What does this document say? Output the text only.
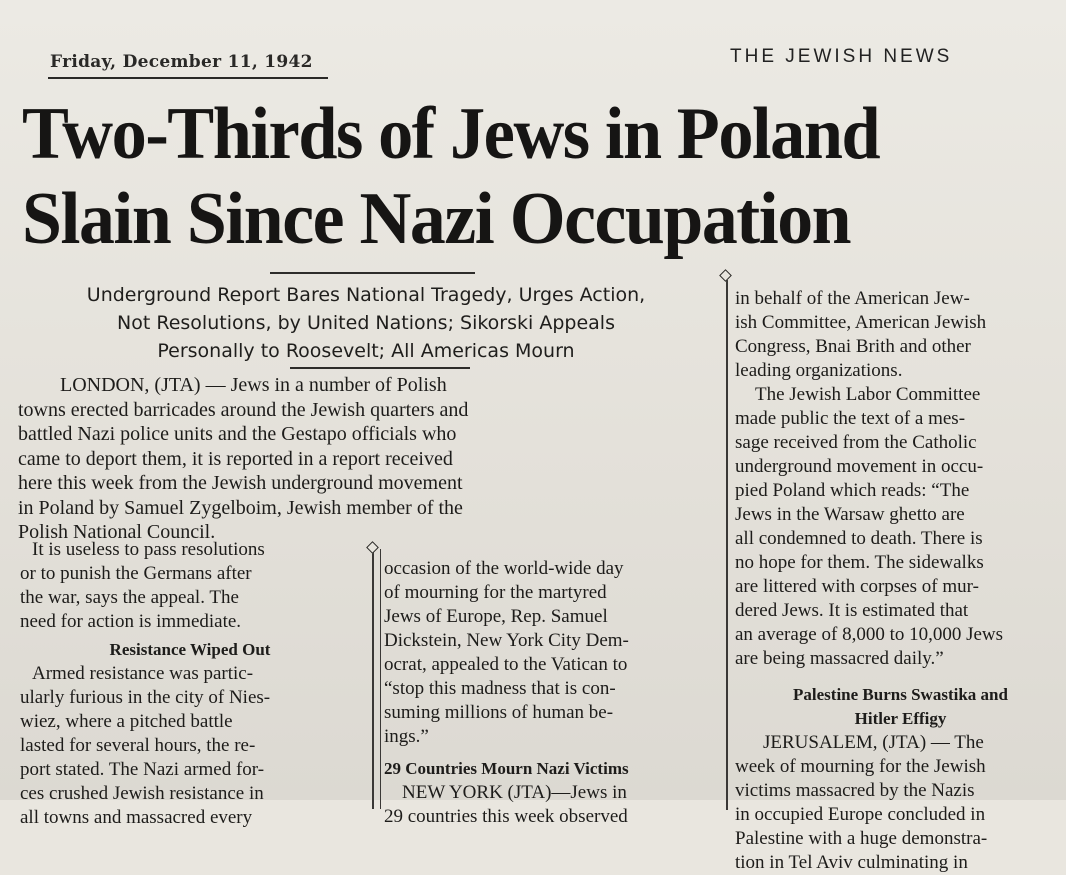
Friday, December 11, 1942	THE JEWISH NEWS
Two-Thirds of Jews in Poland
Slain Since Nazi Occupation
Underground Report Bares National Tragedy, Urges Action,
Not Resolutions, by United Nations; Sikorski Appeals
Personally to Roosevelt; All Americas Mourn
LONDON, (JTA) — Jews in a number of Polish
towns erected barricades around the Jewish quarters and
battled Nazi police units and the Gestapo officials who
came to deport them, it is reported in a report received
here this week from the Jewish underground movement
in Poland by Samuel Zygelboim, Jewish member of the
Polish National Council.
It is useless to pass resolutions
or to punish the Germans after
the war, says the appeal. The
need for action is immediate.
Resistance Wiped Out
Armed resistance was partic-
ularly furious in the city of Nies-
wiez, where a pitched battle
lasted for several hours, the re-
port stated. The Nazi armed for-
ces crushed Jewish resistance in
all towns and massacred every
occasion of the world-wide day
of mourning for the martyred
Jews of Europe, Rep. Samuel
Dickstein, New York City Dem-
ocrat, appealed to the Vatican to
“stop this madness that is con-
suming millions of human be-
ings.”
29 Countries Mourn Nazi Victims
NEW YORK (JTA)—Jews in
29 countries this week observed
in behalf of the American Jew-
ish Committee, American Jewish
Congress, Bnai Brith and other
leading organizations.
The Jewish Labor Committee
made public the text of a mes-
sage received from the Catholic
underground movement in occu-
pied Poland which reads: “The
Jews in the Warsaw ghetto are
all condemned to death. There is
no hope for them. The sidewalks
are littered with corpses of mur-
dered Jews. It is estimated that
an average of 8,000 to 10,000 Jews
are being massacred daily.”
Palestine Burns Swastika and
Hitler Effigy
JERUSALEM, (JTA) — The
week of mourning for the Jewish
victims massacred by the Nazis
in occupied Europe concluded in
Palestine with a huge demonstra-
tion in Tel Aviv culminating in
